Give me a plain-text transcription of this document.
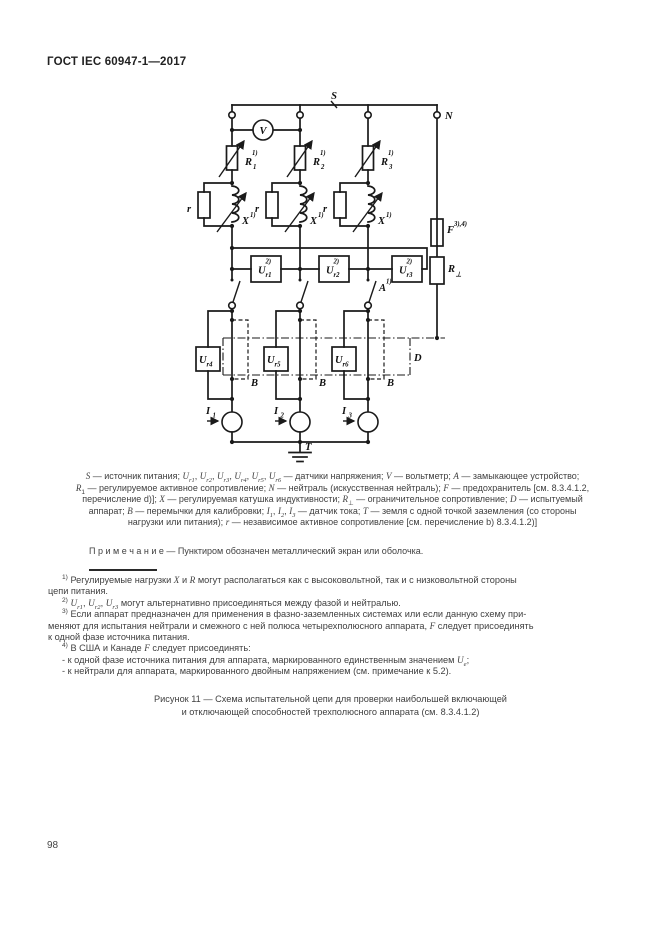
ГОСТ IEC 60947-1—2017
S
N
V
R 1
1)
R 2
1)
R 3
1)
r
X
1)
r
X
1)
r
X
1)
U r1
2)
U r2
2)
U r3
2)
A
1)
U r4	U r5	U r6
B	B	B
D
F
3),4)
R ⊥
I 1	I 2	I 3
T
S — источник питания; $U_{r1}$, $U_{r2}$, $U_{r3}$, $U_{r4}$, $U_{r5}$, $U_{r6}$ — датчики напряжения; V — вольтметр; A — замыкающее устройство;
$R_1$ — регулируемое активное сопротивление; N — нейтраль (искусственная нейтраль); F — предохранитель [см. 8.3.4.1.2,
перечисление d)]; X — регулируемая катушка индуктивности; $R_\perp$ — ограничительное сопротивление; D — испытуемый
аппарат; B — перемычки для калибровки; $I_1$, $I_2$, $I_3$ — датчик тока; T — земля с одной точкой заземления (со стороны
нагрузки или питания); r — независимое активное сопротивление [см. перечисление b) 8.3.4.1.2)]
П р и м е ч а н и е — Пунктиром обозначен металлический экран или оболочка.
$^{1)}$ Регулируемые нагрузки X и R могут располагаться как с высоковольтной, так и с низковольтной стороны
цепи питания.
$^{2)}$ $U_{r1}$, $U_{r2}$, $U_{r3}$ могут альтернативно присоединяться между фазой и нейтралью.
$^{3)}$ Если аппарат предназначен для применения в фазно-заземленных системах или если данную схему при-
меняют для испытания нейтрали и смежного с ней полюса четырехполюсного аппарата, F следует присоединять
к одной фазе источника питания.
$^{4)}$ В США и Канаде F следует присоединять:
- к одной фазе источника питания для аппарата, маркированного единственным значением $U_e$;
- к нейтрали для аппарата, маркированного двойным напряжением (см. примечание к 5.2).
Рисунок 11 — Схема испытательной цепи для проверки наибольшей включающей
и отключающей способностей трехполюсного аппарата (см. 8.3.4.1.2)
98
